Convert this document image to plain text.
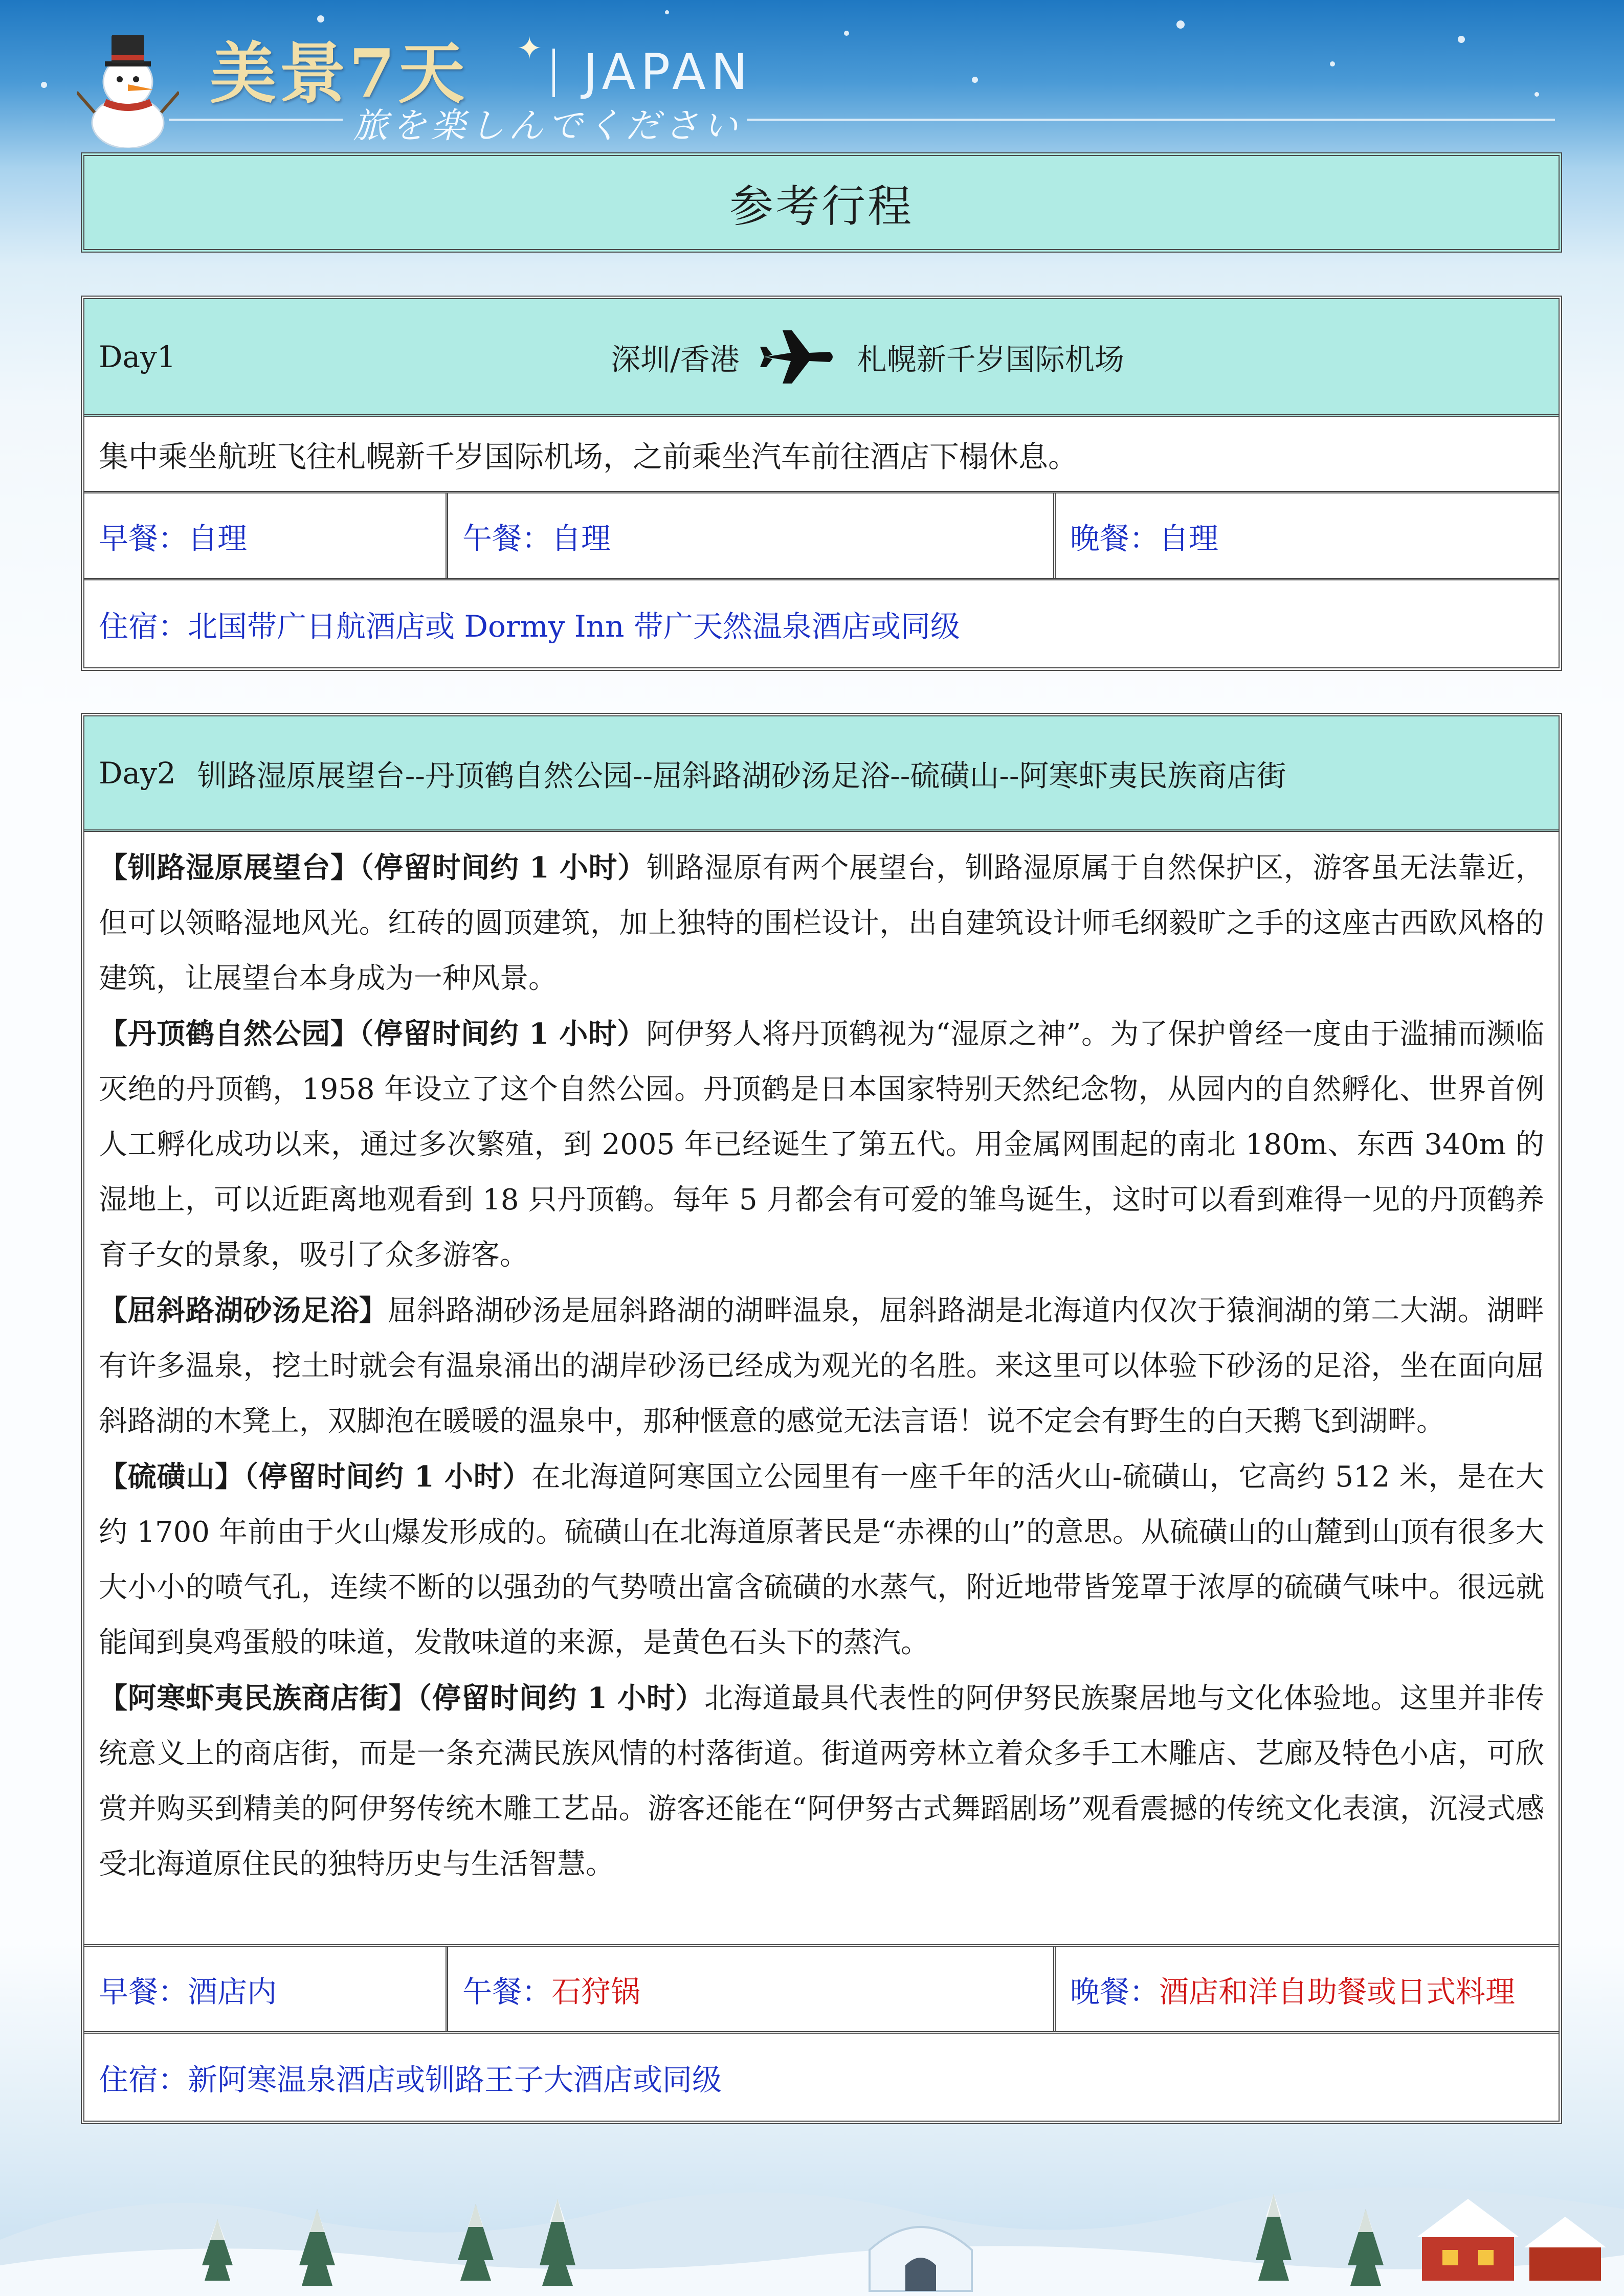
美景7天 ✦ JAPAN
旅を楽しんでください
参考行程
Day1	深圳/香港	札幌新千岁国际机场
集中乘坐航班飞往札幌新千岁国际机场，之前乘坐汽车前往酒店下榻休息。
早餐： 自理	午餐： 自理	晚餐： 自理
住宿： 北国带广日航酒店或 Dormy Inn 带广天然温泉酒店或同级
Day2 钏路湿原展望台--丹顶鹤自然公园--屈斜路湖砂汤足浴--硫磺山--阿寒虾夷民族商店街

【钏路湿原展望台】（停留时间约 1 小时）钏路湿原有两个展望台，钏路湿原属于自然保护区，游客虽无法靠近，但可以领略湿地风光。红砖的圆顶建筑，加上独特的围栏设计，出自建筑设计师毛纲毅旷之手的这座古西欧风格的建筑，让展望台本身成为一种风景。

【丹顶鹤自然公园】（停留时间约 1 小时）阿伊努人将丹顶鹤视为“湿原之神”。为了保护曾经一度由于滥捕而濒临灭绝的丹顶鹤，1958 年设立了这个自然公园。丹顶鹤是日本国家特别天然纪念物，从园内的自然孵化、世界首例人工孵化成功以来，通过多次繁殖，到 2005 年已经诞生了第五代。用金属网围起的南北 180m、东西 340m 的湿地上，可以近距离地观看到 18 只丹顶鹤。每年 5 月都会有可爱的雏鸟诞生，这时可以看到难得一见的丹顶鹤养育子女的景象，吸引了众多游客。

【屈斜路湖砂汤足浴】屈斜路湖砂汤是屈斜路湖的湖畔温泉，屈斜路湖是北海道内仅次于猿涧湖的第二大湖。湖畔有许多温泉，挖土时就会有温泉涌出的湖岸砂汤已经成为观光的名胜。来这里可以体验下砂汤的足浴，坐在面向屈斜路湖的木凳上，双脚泡在暖暖的温泉中，那种惬意的感觉无法言语！说不定会有野生的白天鹅飞到湖畔。

【硫磺山】（停留时间约 1 小时）在北海道阿寒国立公园里有一座千年的活火山-硫磺山，它高约 512 米，是在大约 1700 年前由于火山爆发形成的。硫磺山在北海道原著民是“赤裸的山”的意思。从硫磺山的山麓到山顶有很多大大小小的喷气孔，连续不断的以强劲的气势喷出富含硫磺的水蒸气，附近地带皆笼罩于浓厚的硫磺气味中。很远就能闻到臭鸡蛋般的味道，发散味道的来源，是黄色石头下的蒸汽。

【阿寒虾夷民族商店街】（停留时间约 1 小时）北海道最具代表性的阿伊努民族聚居地与文化体验地。这里并非传统意义上的商店街，而是一条充满民族风情的村落街道。街道两旁林立着众多手工木雕店、艺廊及特色小店，可欣赏并购买到精美的阿伊努传统木雕工艺品。游客还能在“阿伊努古式舞蹈剧场”观看震撼的传统文化表演，沉浸式感受北海道原住民的独特历史与生活智慧。

早餐： 酒店内	午餐： 石狩锅	晚餐： 酒店和洋自助餐或日式料理
住宿： 新阿寒温泉酒店或钏路王子大酒店或同级
